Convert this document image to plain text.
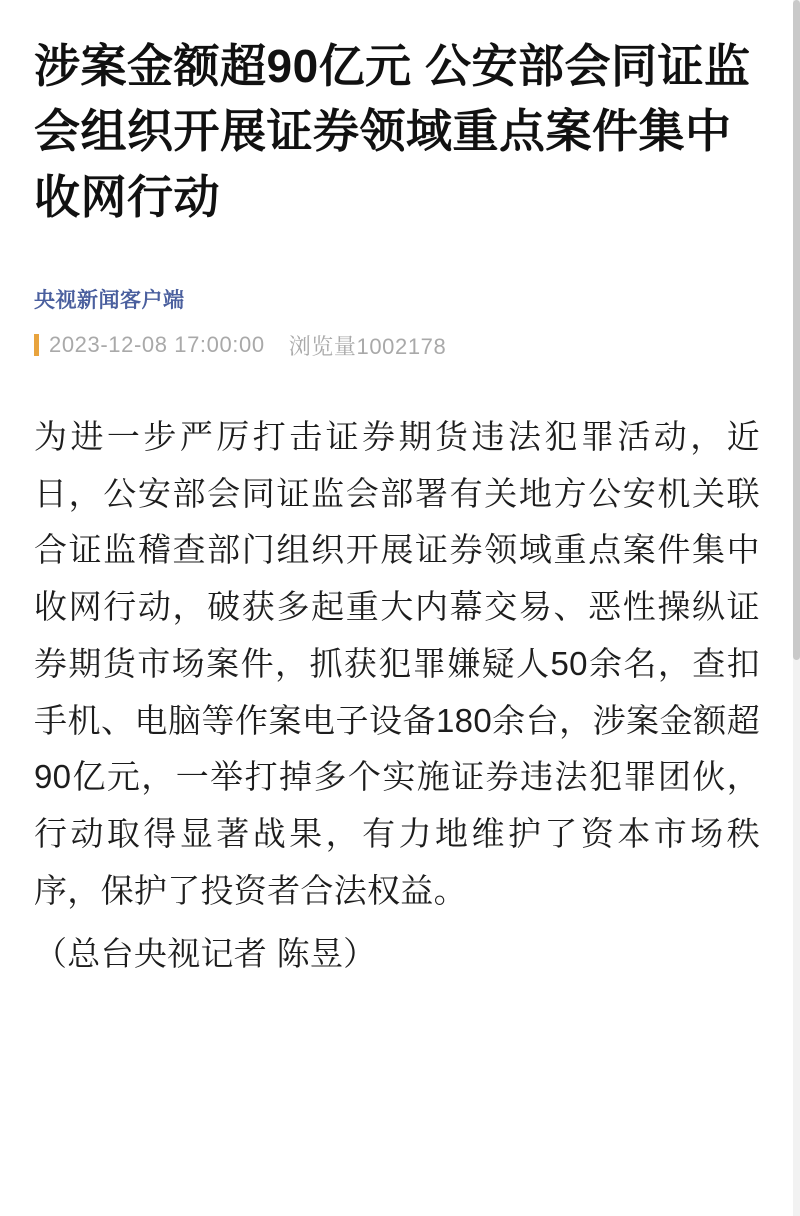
涉案金额超90亿元 公安部会同证监会组织开展证券领域重点案件集中收网行动
央视新闻客户端
2023-12-08 17:00:00 浏览量1002178

为进一步严厉打击证券期货违法犯罪活动，近日，公安部会同证监会部署有关地方公安机关联合证监稽查部门组织开展证券领域重点案件集中收网行动，破获多起重大内幕交易、恶性操纵证券期货市场案件，抓获犯罪嫌疑人50余名，查扣手机、电脑等作案电子设备180余台，涉案金额超90亿元，一举打掉多个实施证券违法犯罪团伙，行动取得显著战果，有力地维护了资本市场秩序，保护了投资者合法权益。

（总台央视记者 陈昱）
